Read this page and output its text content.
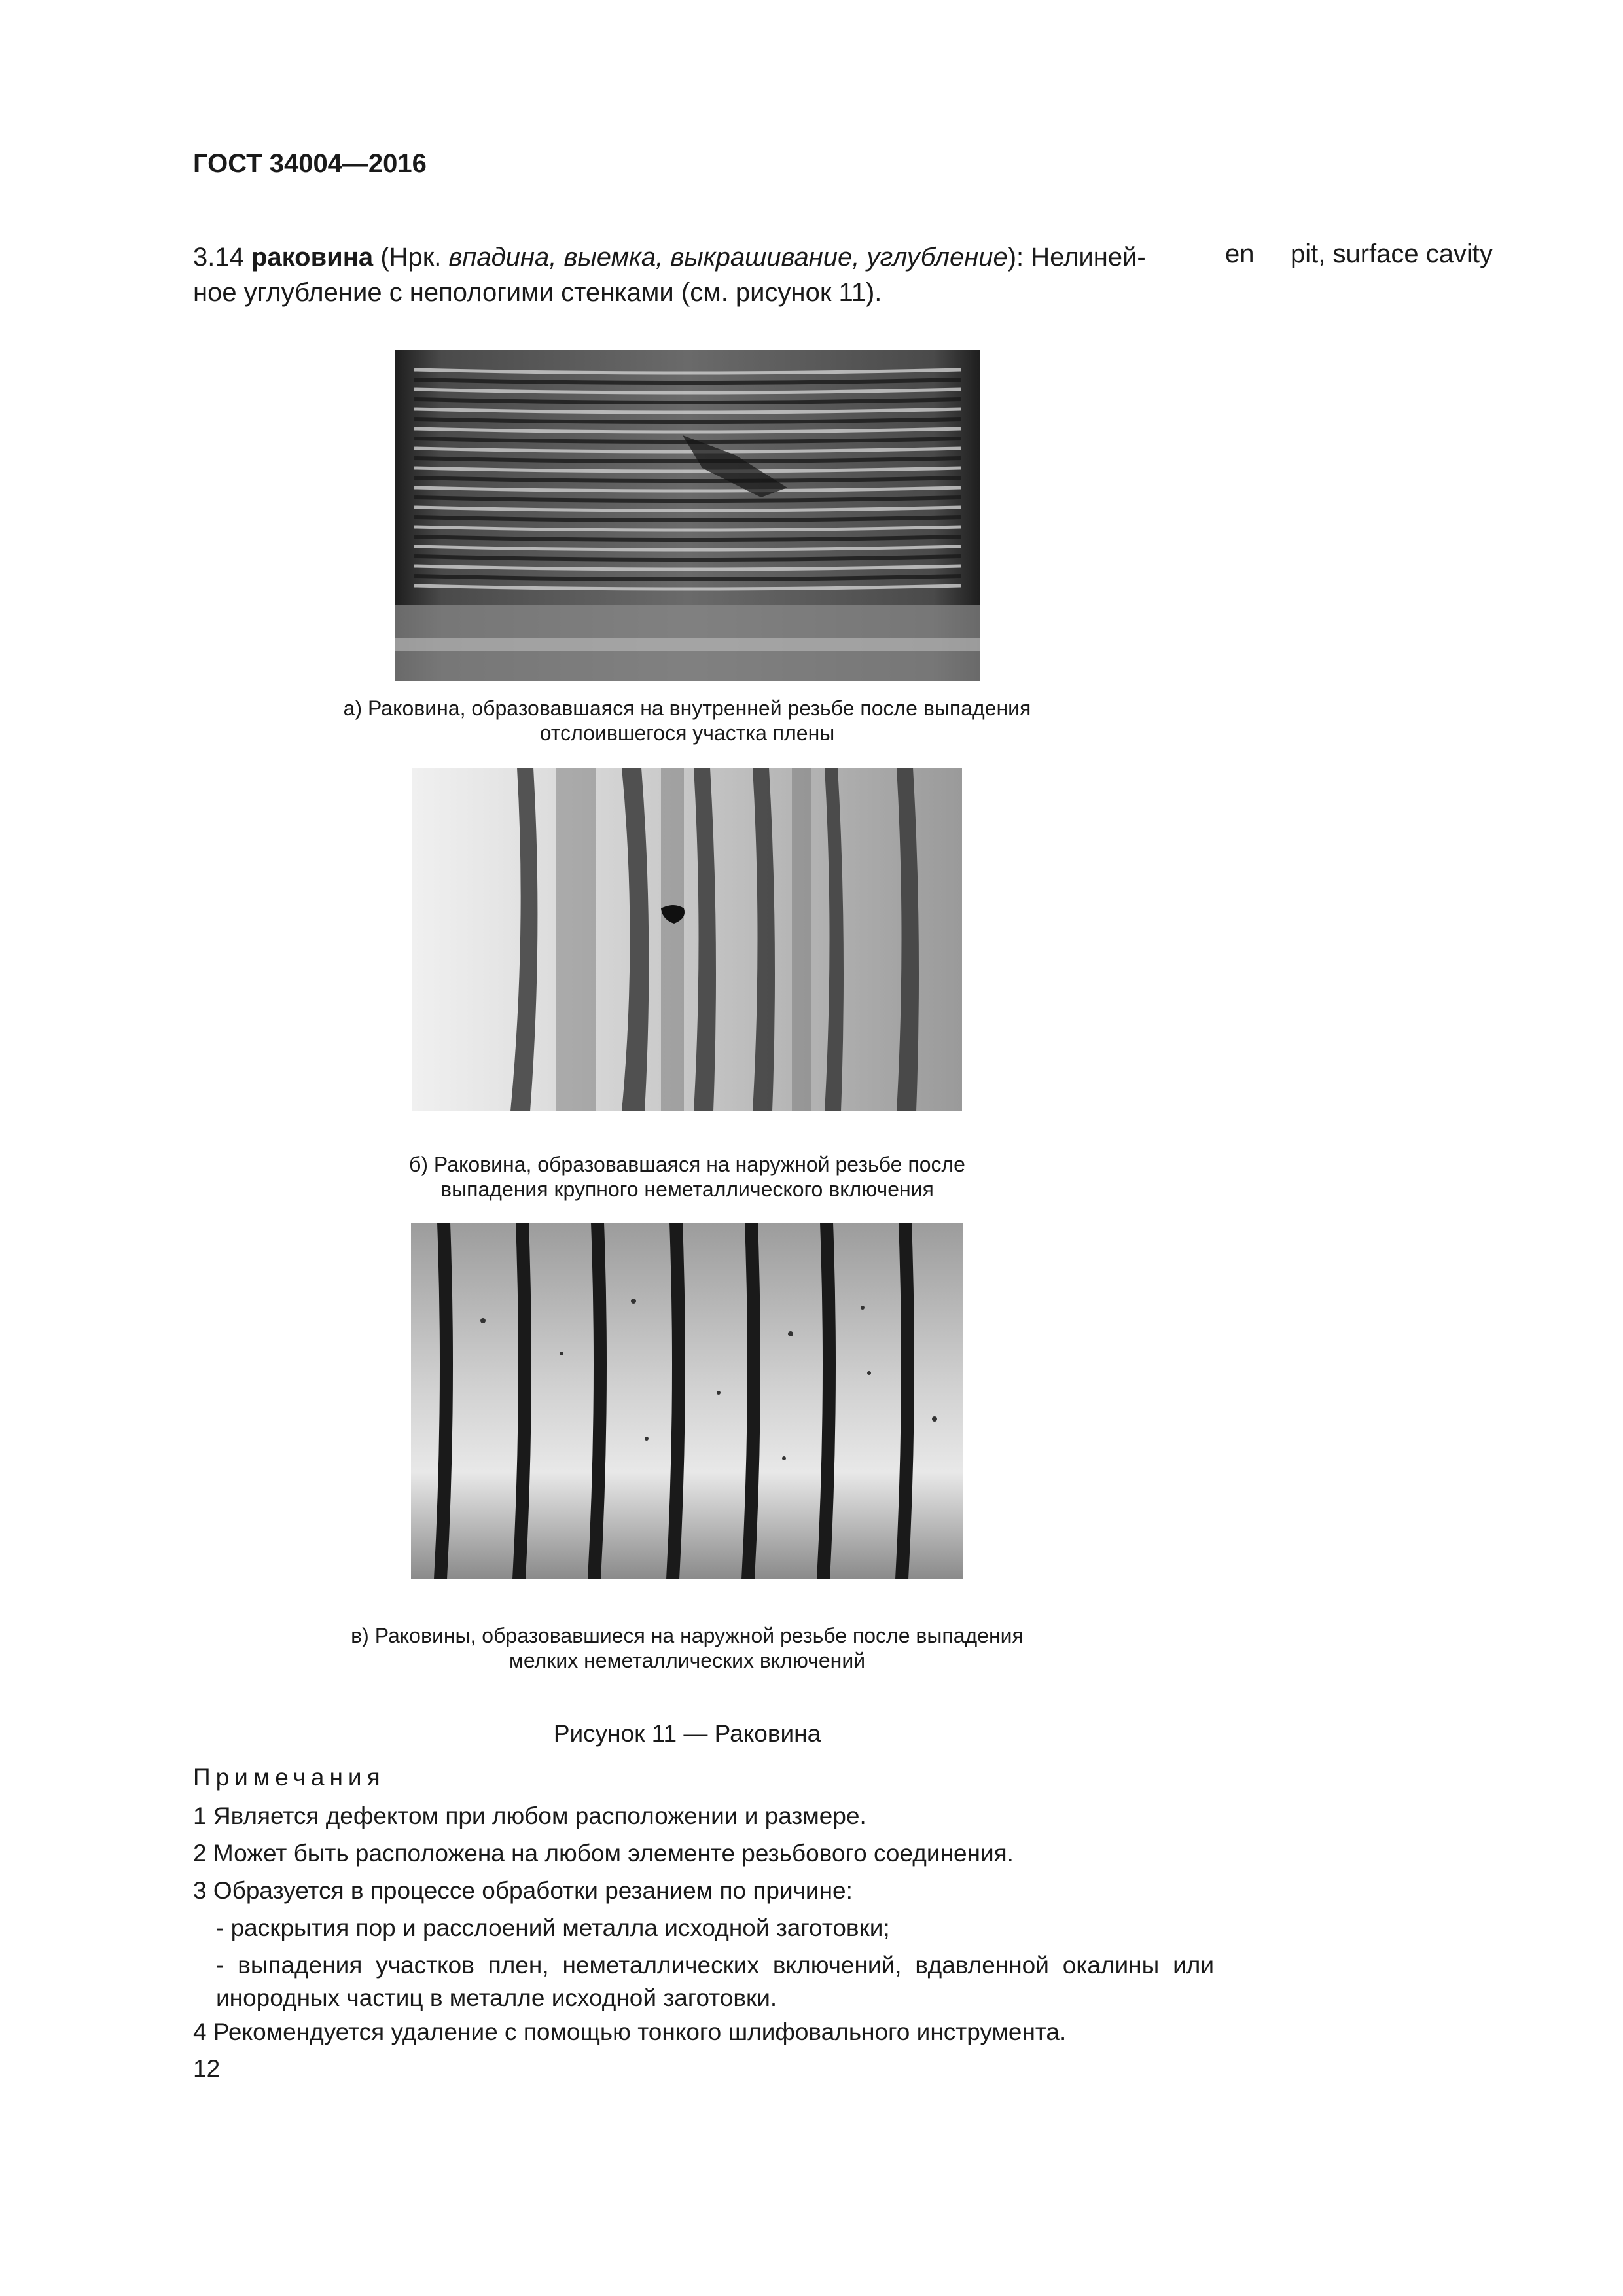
ГОСТ 34004—2016
3.14 раковина (Нрк. впадина, выемка, выкрашивание, углубление): Нелиней-
ное углубление с непологими стенками (см. рисунок 11).
en pit, surface cavity
а) Раковина, образовавшаяся на внутренней резьбе после выпадения
отслоившегося участка плены
б) Раковина, образовавшаяся на наружной резьбе после
выпадения крупного неметаллического включения
в) Раковины, образовавшиеся на наружной резьбе после выпадения
мелких неметаллических включений
Рисунок 11 — Раковина
Примечания
1 Является дефектом при любом расположении и размере.
2 Может быть расположена на любом элементе резьбового соединения.
3 Образуется в процессе обработки резанием по причине:
- раскрытия пор и расслоений металла исходной заготовки;
- выпадения участков плен, неметаллических включений, вдавленной окалины или инородных частиц в металле исходной заготовки.
4 Рекомендуется удаление с помощью тонкого шлифовального инструмента.
12
